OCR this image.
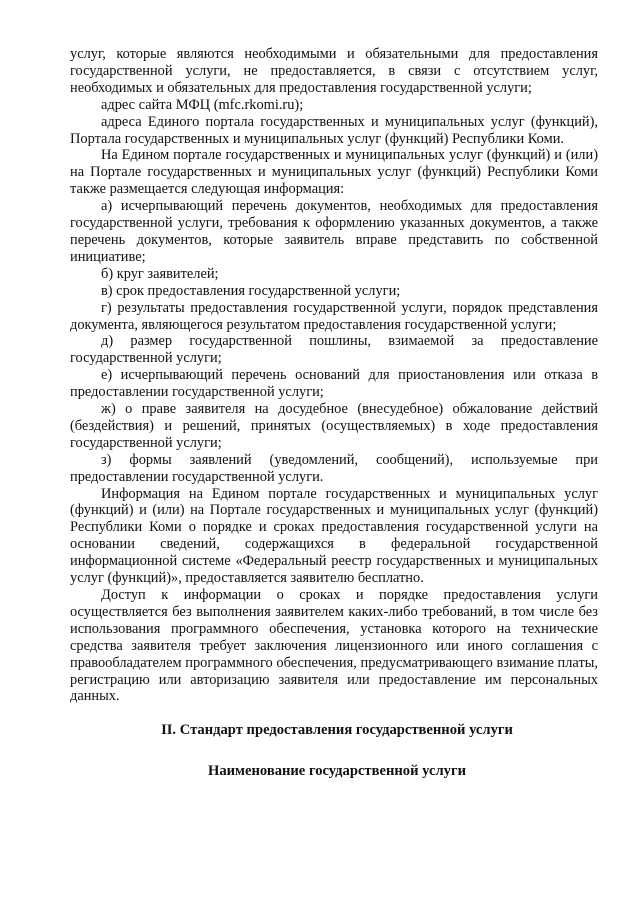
услуг, которые являются необходимыми и обязательными для предоставления государственной услуги, не предоставляется, в связи с отсутствием услуг, необходимых и обязательных для предоставления государственной услуги;

адрес сайта МФЦ (mfc.rkomi.ru);

адреса Единого портала государственных и муниципальных услуг (функций), Портала государственных и муниципальных услуг (функций) Республики Коми.

На Едином портале государственных и муниципальных услуг (функций) и (или) на Портале государственных и муниципальных услуг (функций) Республики Коми также размещается следующая информация:

а) исчерпывающий перечень документов, необходимых для предоставления государственной услуги, требования к оформлению указанных документов, а также перечень документов, которые заявитель вправе представить по собственной инициативе;

б) круг заявителей;

в) срок предоставления государственной услуги;

г) результаты предоставления государственной услуги, порядок представления документа, являющегося результатом предоставления государственной услуги;

д) размер государственной пошлины, взимаемой за предоставление государственной услуги;

е) исчерпывающий перечень оснований для приостановления или отказа в предоставлении государственной услуги;

ж) о праве заявителя на досудебное (внесудебное) обжалование действий (бездействия) и решений, принятых (осуществляемых) в ходе предоставления государственной услуги;

з) формы заявлений (уведомлений, сообщений), используемые при предоставлении государственной услуги.

Информация на Едином портале государственных и муниципальных услуг (функций) и (или) на Портале государственных и муниципальных услуг (функций) Республики Коми о порядке и сроках предоставления государственной услуги на основании сведений, содержащихся в федеральной государственной информационной системе «Федеральный реестр государственных и муниципальных услуг (функций)», предоставляется заявителю бесплатно.

Доступ к информации о сроках и порядке предоставления услуги осуществляется без выполнения заявителем каких-либо требований, в том числе без использования программного обеспечения, установка которого на технические средства заявителя требует заключения лицензионного или иного соглашения с правообладателем программного обеспечения, предусматривающего взимание платы, регистрацию или авторизацию заявителя или предоставление им персональных данных.

II. Стандарт предоставления государственной услуги
Наименование государственной услуги
